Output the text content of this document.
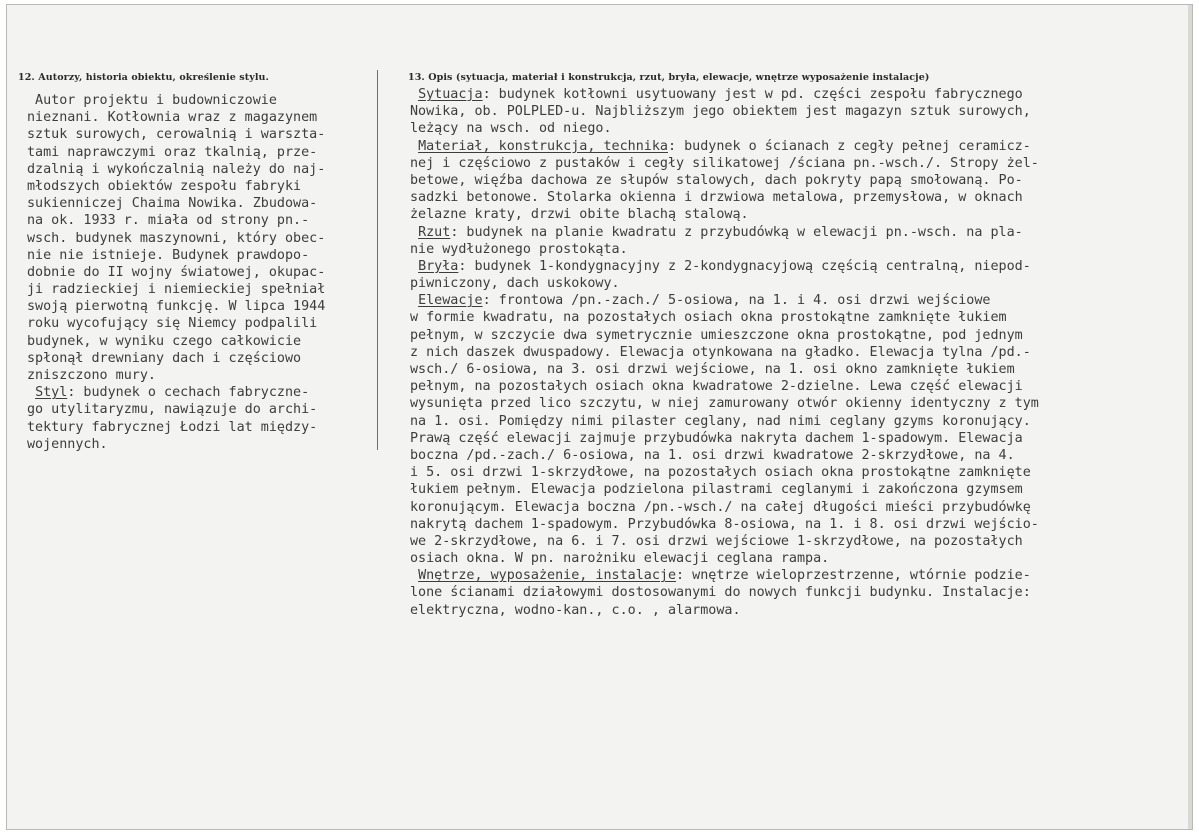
12. Autorzy, historia obiektu, określenie stylu.	13. Opis (sytuacja, materiał i konstrukcja, rzut, bryła, elewacje, wnętrze wyposażenie instalacje)
Autor projektu i budowniczowie
nieznani. Kotłownia wraz z magazynem
sztuk surowych, cerowalnią i warszta-
tami naprawczymi oraz tkalnią, prze-
dzalnią i wykończalnią należy do naj-
młodszych obiektów zespołu fabryki
sukienniczej Chaima Nowika. Zbudowa-
na ok. 1933 r. miała od strony pn.-
wsch. budynek maszynowni, który obec-
nie nie istnieje. Budynek prawdopo-
dobnie do II wojny światowej, okupac-
ji radzieckiej i niemieckiej spełniał
swoją pierwotną funkcję. W lipca 1944
roku wycofujący się Niemcy podpalili
budynek, w wyniku czego całkowicie
spłonął drewniany dach i częściowo
zniszczono mury.
Styl: budynek o cechach fabryczne-
go utylitaryzmu, nawiązuje do archi-
tektury fabrycznej Łodzi lat między-
wojennych.
Sytuacja: budynek kotłowni usytuowany jest w pd. części zespołu fabrycznego
Nowika, ob. POLPLED-u. Najbliższym jego obiektem jest magazyn sztuk surowych,
leżący na wsch. od niego.
Materiał, konstrukcja, technika: budynek o ścianach z cegły pełnej ceramicz-
nej i częściowo z pustaków i cegły silikatowej /ściana pn.-wsch./. Stropy żel-
betowe, więźba dachowa ze słupów stalowych, dach pokryty papą smołowaną. Po-
sadzki betonowe. Stolarka okienna i drzwiowa metalowa, przemysłowa, w oknach
żelazne kraty, drzwi obite blachą stalową.
Rzut: budynek na planie kwadratu z przybudówką w elewacji pn.-wsch. na pla-
nie wydłużonego prostokąta.
Bryła: budynek 1-kondygnacyjny z 2-kondygnacyjową częścią centralną, niepod-
piwniczony, dach uskokowy.
Elewacje: frontowa /pn.-zach./ 5-osiowa, na 1. i 4. osi drzwi wejściowe
w formie kwadratu, na pozostałych osiach okna prostokątne zamknięte łukiem
pełnym, w szczycie dwa symetrycznie umieszczone okna prostokątne, pod jednym
z nich daszek dwuspadowy. Elewacja otynkowana na gładko. Elewacja tylna /pd.-
wsch./ 6-osiowa, na 3. osi drzwi wejściowe, na 1. osi okno zamknięte łukiem
pełnym, na pozostałych osiach okna kwadratowe 2-dzielne. Lewa część elewacji
wysunięta przed lico szczytu, w niej zamurowany otwór okienny identyczny z tym
na 1. osi. Pomiędzy nimi pilaster ceglany, nad nimi ceglany gzyms koronujący.
Prawą część elewacji zajmuje przybudówka nakryta dachem 1-spadowym. Elewacja
boczna /pd.-zach./ 6-osiowa, na 1. osi drzwi kwadratowe 2-skrzydłowe, na 4.
i 5. osi drzwi 1-skrzydłowe, na pozostałych osiach okna prostokątne zamknięte
łukiem pełnym. Elewacja podzielona pilastrami ceglanymi i zakończona gzymsem
koronującym. Elewacja boczna /pn.-wsch./ na całej długości mieści przybudówkę
nakrytą dachem 1-spadowym. Przybudówka 8-osiowa, na 1. i 8. osi drzwi wejścio-
we 2-skrzydłowe, na 6. i 7. osi drzwi wejściowe 1-skrzydłowe, na pozostałych
osiach okna. W pn. narożniku elewacji ceglana rampa.
Wnętrze, wyposażenie, instalacje: wnętrze wieloprzestrzenne, wtórnie podzie-
lone ścianami działowymi dostosowanymi do nowych funkcji budynku. Instalacje:
elektryczna, wodno-kan., c.o. , alarmowa.
